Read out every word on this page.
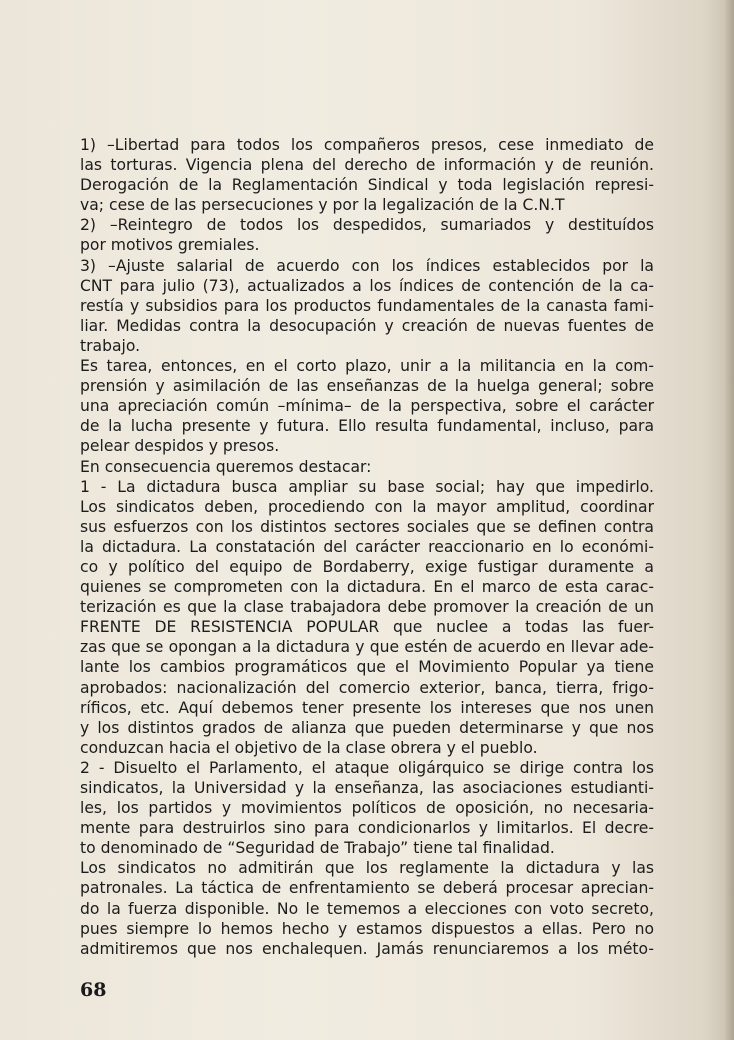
1) –Libertad para todos los compañeros presos, cese inmediato de
las torturas. Vigencia plena del derecho de información y de reunión.
Derogación de la Reglamentación Sindical y toda legislación represi-
va; cese de las persecuciones y por la legalización de la C.N.T
2) –Reintegro de todos los despedidos, sumariados y destituídos
por motivos gremiales.
3) –Ajuste salarial de acuerdo con los índices establecidos por la
CNT para julio (73), actualizados a los índices de contención de la ca-
restía y subsidios para los productos fundamentales de la canasta fami-
liar. Medidas contra la desocupación y creación de nuevas fuentes de
trabajo.
Es tarea, entonces, en el corto plazo, unir a la militancia en la com-
prensión y asimilación de las enseñanzas de la huelga general; sobre
una apreciación común –mínima– de la perspectiva, sobre el carácter
de la lucha presente y futura. Ello resulta fundamental, incluso, para
pelear despidos y presos.
En consecuencia queremos destacar:
1 - La dictadura busca ampliar su base social; hay que impedirlo.
Los sindicatos deben, procediendo con la mayor amplitud, coordinar
sus esfuerzos con los distintos sectores sociales que se definen contra
la dictadura. La constatación del carácter reaccionario en lo económi-
co y político del equipo de Bordaberry, exige fustigar duramente a
quienes se comprometen con la dictadura. En el marco de esta carac-
terización es que la clase trabajadora debe promover la creación de un
FRENTE DE RESISTENCIA POPULAR que nuclee a todas las fuer-
zas que se opongan a la dictadura y que estén de acuerdo en llevar ade-
lante los cambios programáticos que el Movimiento Popular ya tiene
aprobados: nacionalización del comercio exterior, banca, tierra, frigo-
ríficos, etc. Aquí debemos tener presente los intereses que nos unen
y los distintos grados de alianza que pueden determinarse y que nos
conduzcan hacia el objetivo de la clase obrera y el pueblo.
2 - Disuelto el Parlamento, el ataque oligárquico se dirige contra los
sindicatos, la Universidad y la enseñanza, las asociaciones estudianti-
les, los partidos y movimientos políticos de oposición, no necesaria-
mente para destruirlos sino para condicionarlos y limitarlos. El decre-
to denominado de “Seguridad de Trabajo” tiene tal finalidad.
Los sindicatos no admitirán que los reglamente la dictadura y las
patronales. La táctica de enfrentamiento se deberá procesar aprecian-
do la fuerza disponible. No le tememos a elecciones con voto secreto,
pues siempre lo hemos hecho y estamos dispuestos a ellas. Pero no
admitiremos que nos enchalequen. Jamás renunciaremos a los méto-
68
